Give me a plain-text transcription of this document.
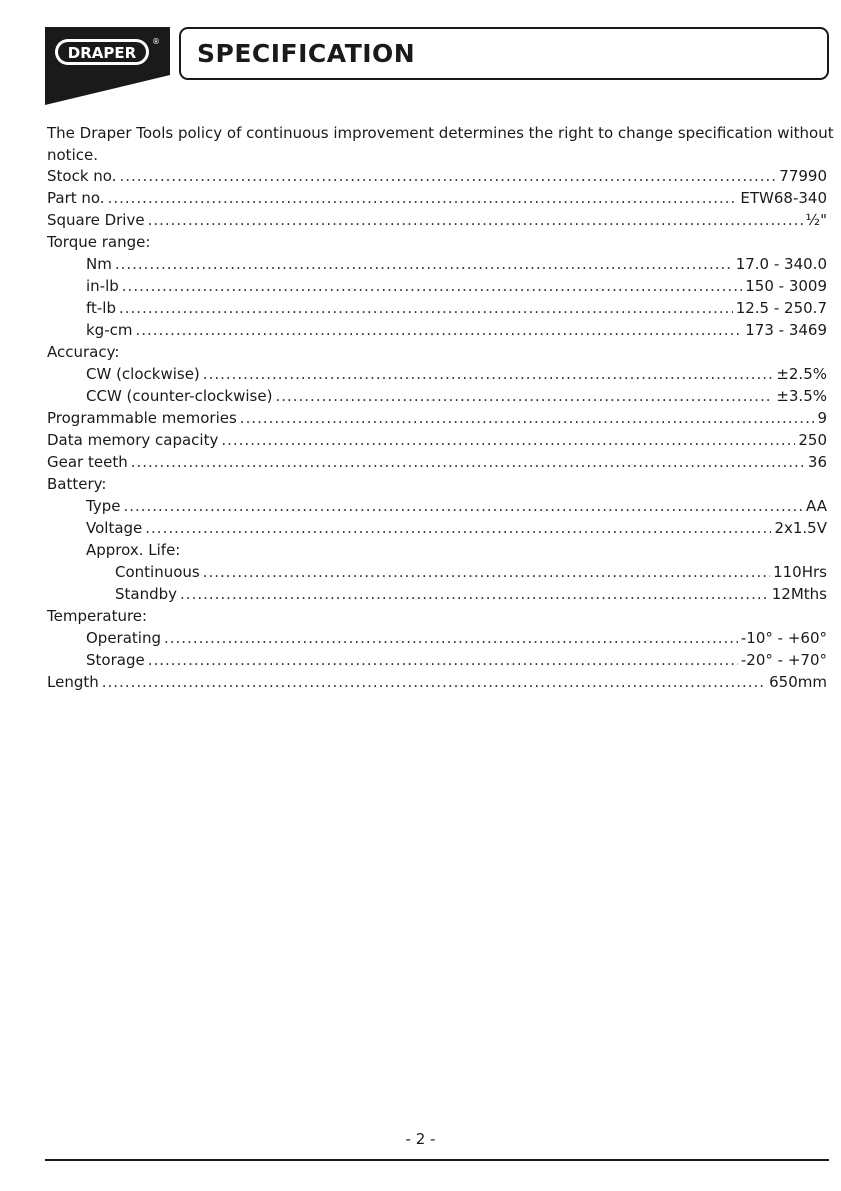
DRAPER
® SPECIFICATION
The Draper Tools policy of continuous improvement determines the right to change specification without notice.
Stock no. .....	77990
Part no. .....	ETW68-340
Square Drive .....	½"
Torque range:
Nm .....	17.0 - 340.0
in-lb .....	150 - 3009
ft-lb .....	12.5 - 250.7
kg-cm .....	173 - 3469
Accuracy:
CW (clockwise) .....	±2.5%
CCW (counter-clockwise) .....	±3.5%
Programmable memories .....	9
Data memory capacity .....	250
Gear teeth .....	36
Battery:
Type .....	AA
Voltage .....	2x1.5V
Approx. Life:
Continuous .....	110Hrs
Standby .....	12Mths
Temperature:
Operating .....	-10° - +60°
Storage .....	-20° - +70°
Length .....	650mm
- 2 -
